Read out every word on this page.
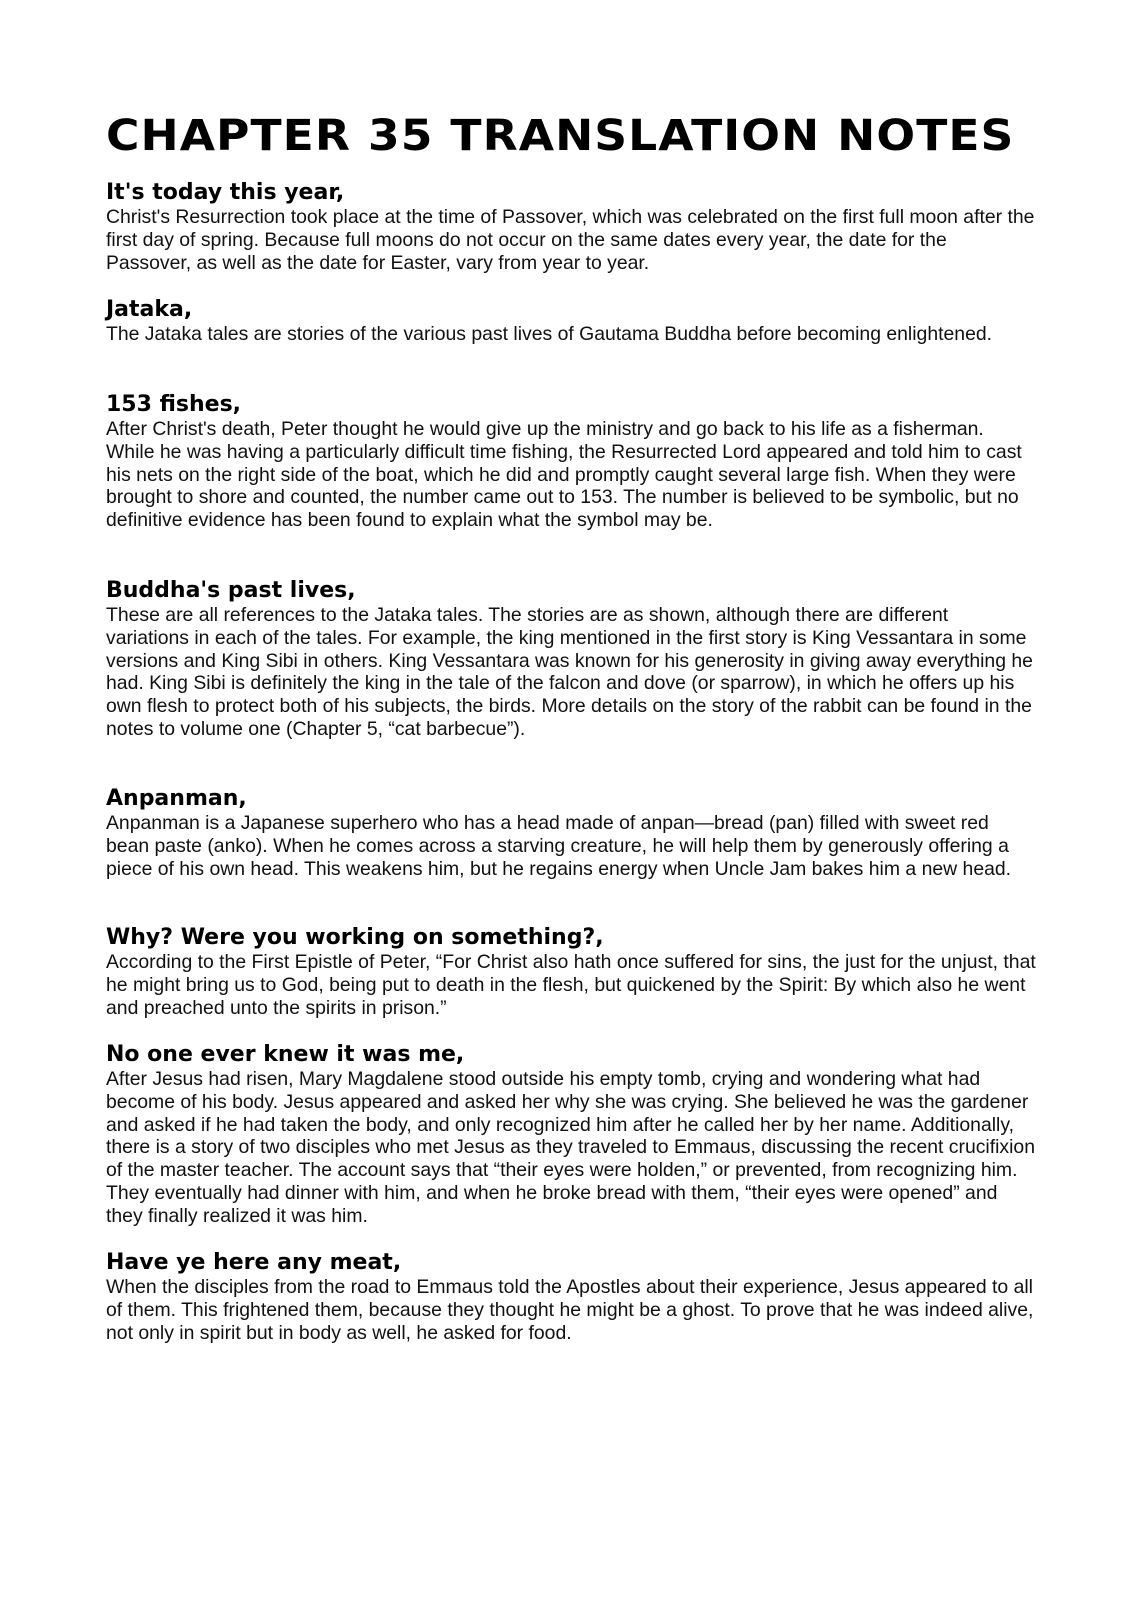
CHAPTER 35 TRANSLATION NOTES
It's today this year,

Christ's Resurrection took place at the time of Passover, which was celebrated on the first full moon after the first day of spring. Because full moons do not occur on the same dates every year, the date for the Passover, as well as the date for Easter, vary from year to year.

Jataka,

The Jataka tales are stories of the various past lives of Gautama Buddha before becoming enlightened.

153 fishes,

After Christ's death, Peter thought he would give up the ministry and go back to his life as a fisherman. While he was having a particularly difficult time fishing, the Resurrected Lord appeared and told him to cast his nets on the right side of the boat, which he did and promptly caught several large fish. When they were brought to shore and counted, the number came out to 153. The number is believed to be symbolic, but no definitive evidence has been found to explain what the symbol may be.

Buddha's past lives,

These are all references to the Jataka tales. The stories are as shown, although there are different variations in each of the tales. For example, the king mentioned in the first story is King Vessantara in some versions and King Sibi in others. King Vessantara was known for his generosity in giving away everything he had. King Sibi is definitely the king in the tale of the falcon and dove (or sparrow), in which he offers up his own flesh to protect both of his subjects, the birds. More details on the story of the rabbit can be found in the notes to volume one (Chapter 5, “cat barbecue”).

Anpanman,

Anpanman is a Japanese superhero who has a head made of anpan—bread (pan) filled with sweet red bean paste (anko). When he comes across a starving creature, he will help them by generously offering a piece of his own head. This weakens him, but he regains energy when Uncle Jam bakes him a new head.

Why? Were you working on something?,

According to the First Epistle of Peter, “For Christ also hath once suffered for sins, the just for the unjust, that he might bring us to God, being put to death in the flesh, but quickened by the Spirit: By which also he went and preached unto the spirits in prison.”

No one ever knew it was me,

After Jesus had risen, Mary Magdalene stood outside his empty tomb, crying and wondering what had become of his body. Jesus appeared and asked her why she was crying. She believed he was the gardener and asked if he had taken the body, and only recognized him after he called her by her name. Additionally, there is a story of two disciples who met Jesus as they traveled to Emmaus, discussing the recent crucifixion of the master teacher. The account says that “their eyes were holden,” or prevented, from recognizing him. They eventually had dinner with him, and when he broke bread with them, “their eyes were opened” and they finally realized it was him.

Have ye here any meat,

When the disciples from the road to Emmaus told the Apostles about their experience, Jesus appeared to all of them. This frightened them, because they thought he might be a ghost. To prove that he was indeed alive, not only in spirit but in body as well, he asked for food.
